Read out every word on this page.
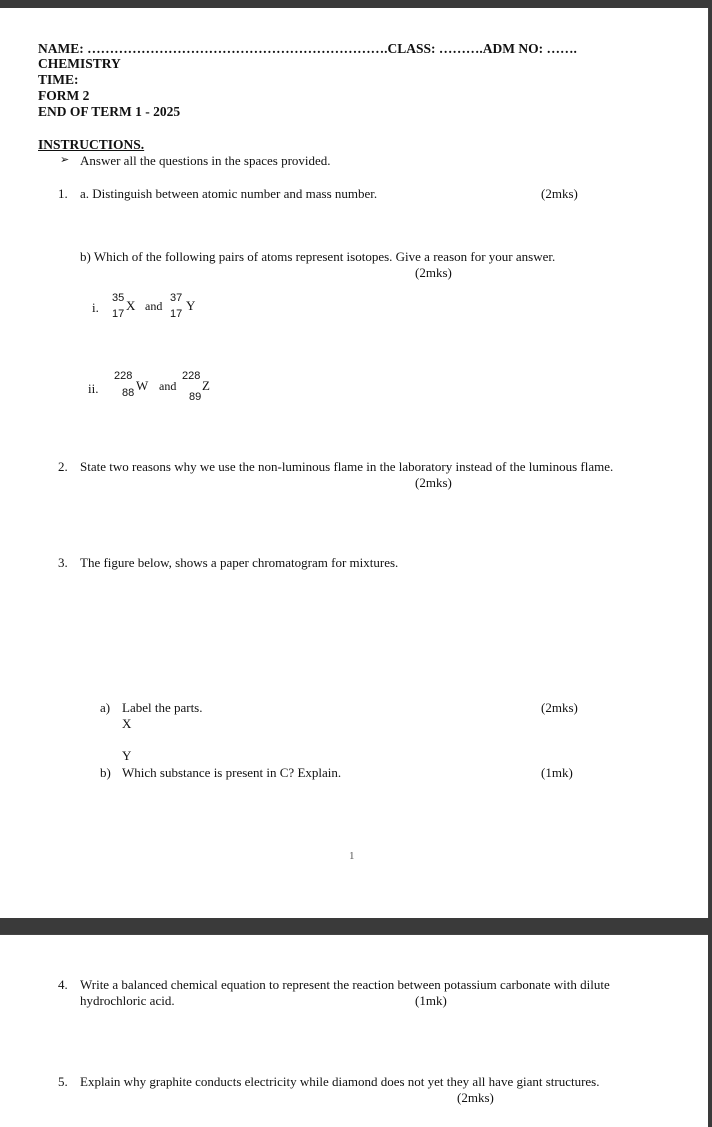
NAME: ………………………………………………………….CLASS: ……….ADM NO: …….
CHEMISTRY
TIME:
FORM 2
END OF TERM 1 - 2025
INSTRUCTIONS.
➢ Answer all the questions in the spaces provided.
1. a. Distinguish between atomic number and mass number.	(2mks)
b) Which of the following pairs of atoms represent isotopes. Give a reason for your answer.
(2mks)
i.
35
17
X and
37
17
Y
ii.
228
88 W and
228
89
Z
2. State two reasons why we use the non-luminous flame in the laboratory instead of the luminous flame.
(2mks)
3. The figure below, shows a paper chromatogram for mixtures.
a) Label the parts.	(2mks)
X
Y
b) Which substance is present in C? Explain.	(1mk)
1
4. Write a balanced chemical equation to represent the reaction between potassium carbonate with dilute
hydrochloric acid.	(1mk)
5. Explain why graphite conducts electricity while diamond does not yet they all have giant structures.
(2mks)
